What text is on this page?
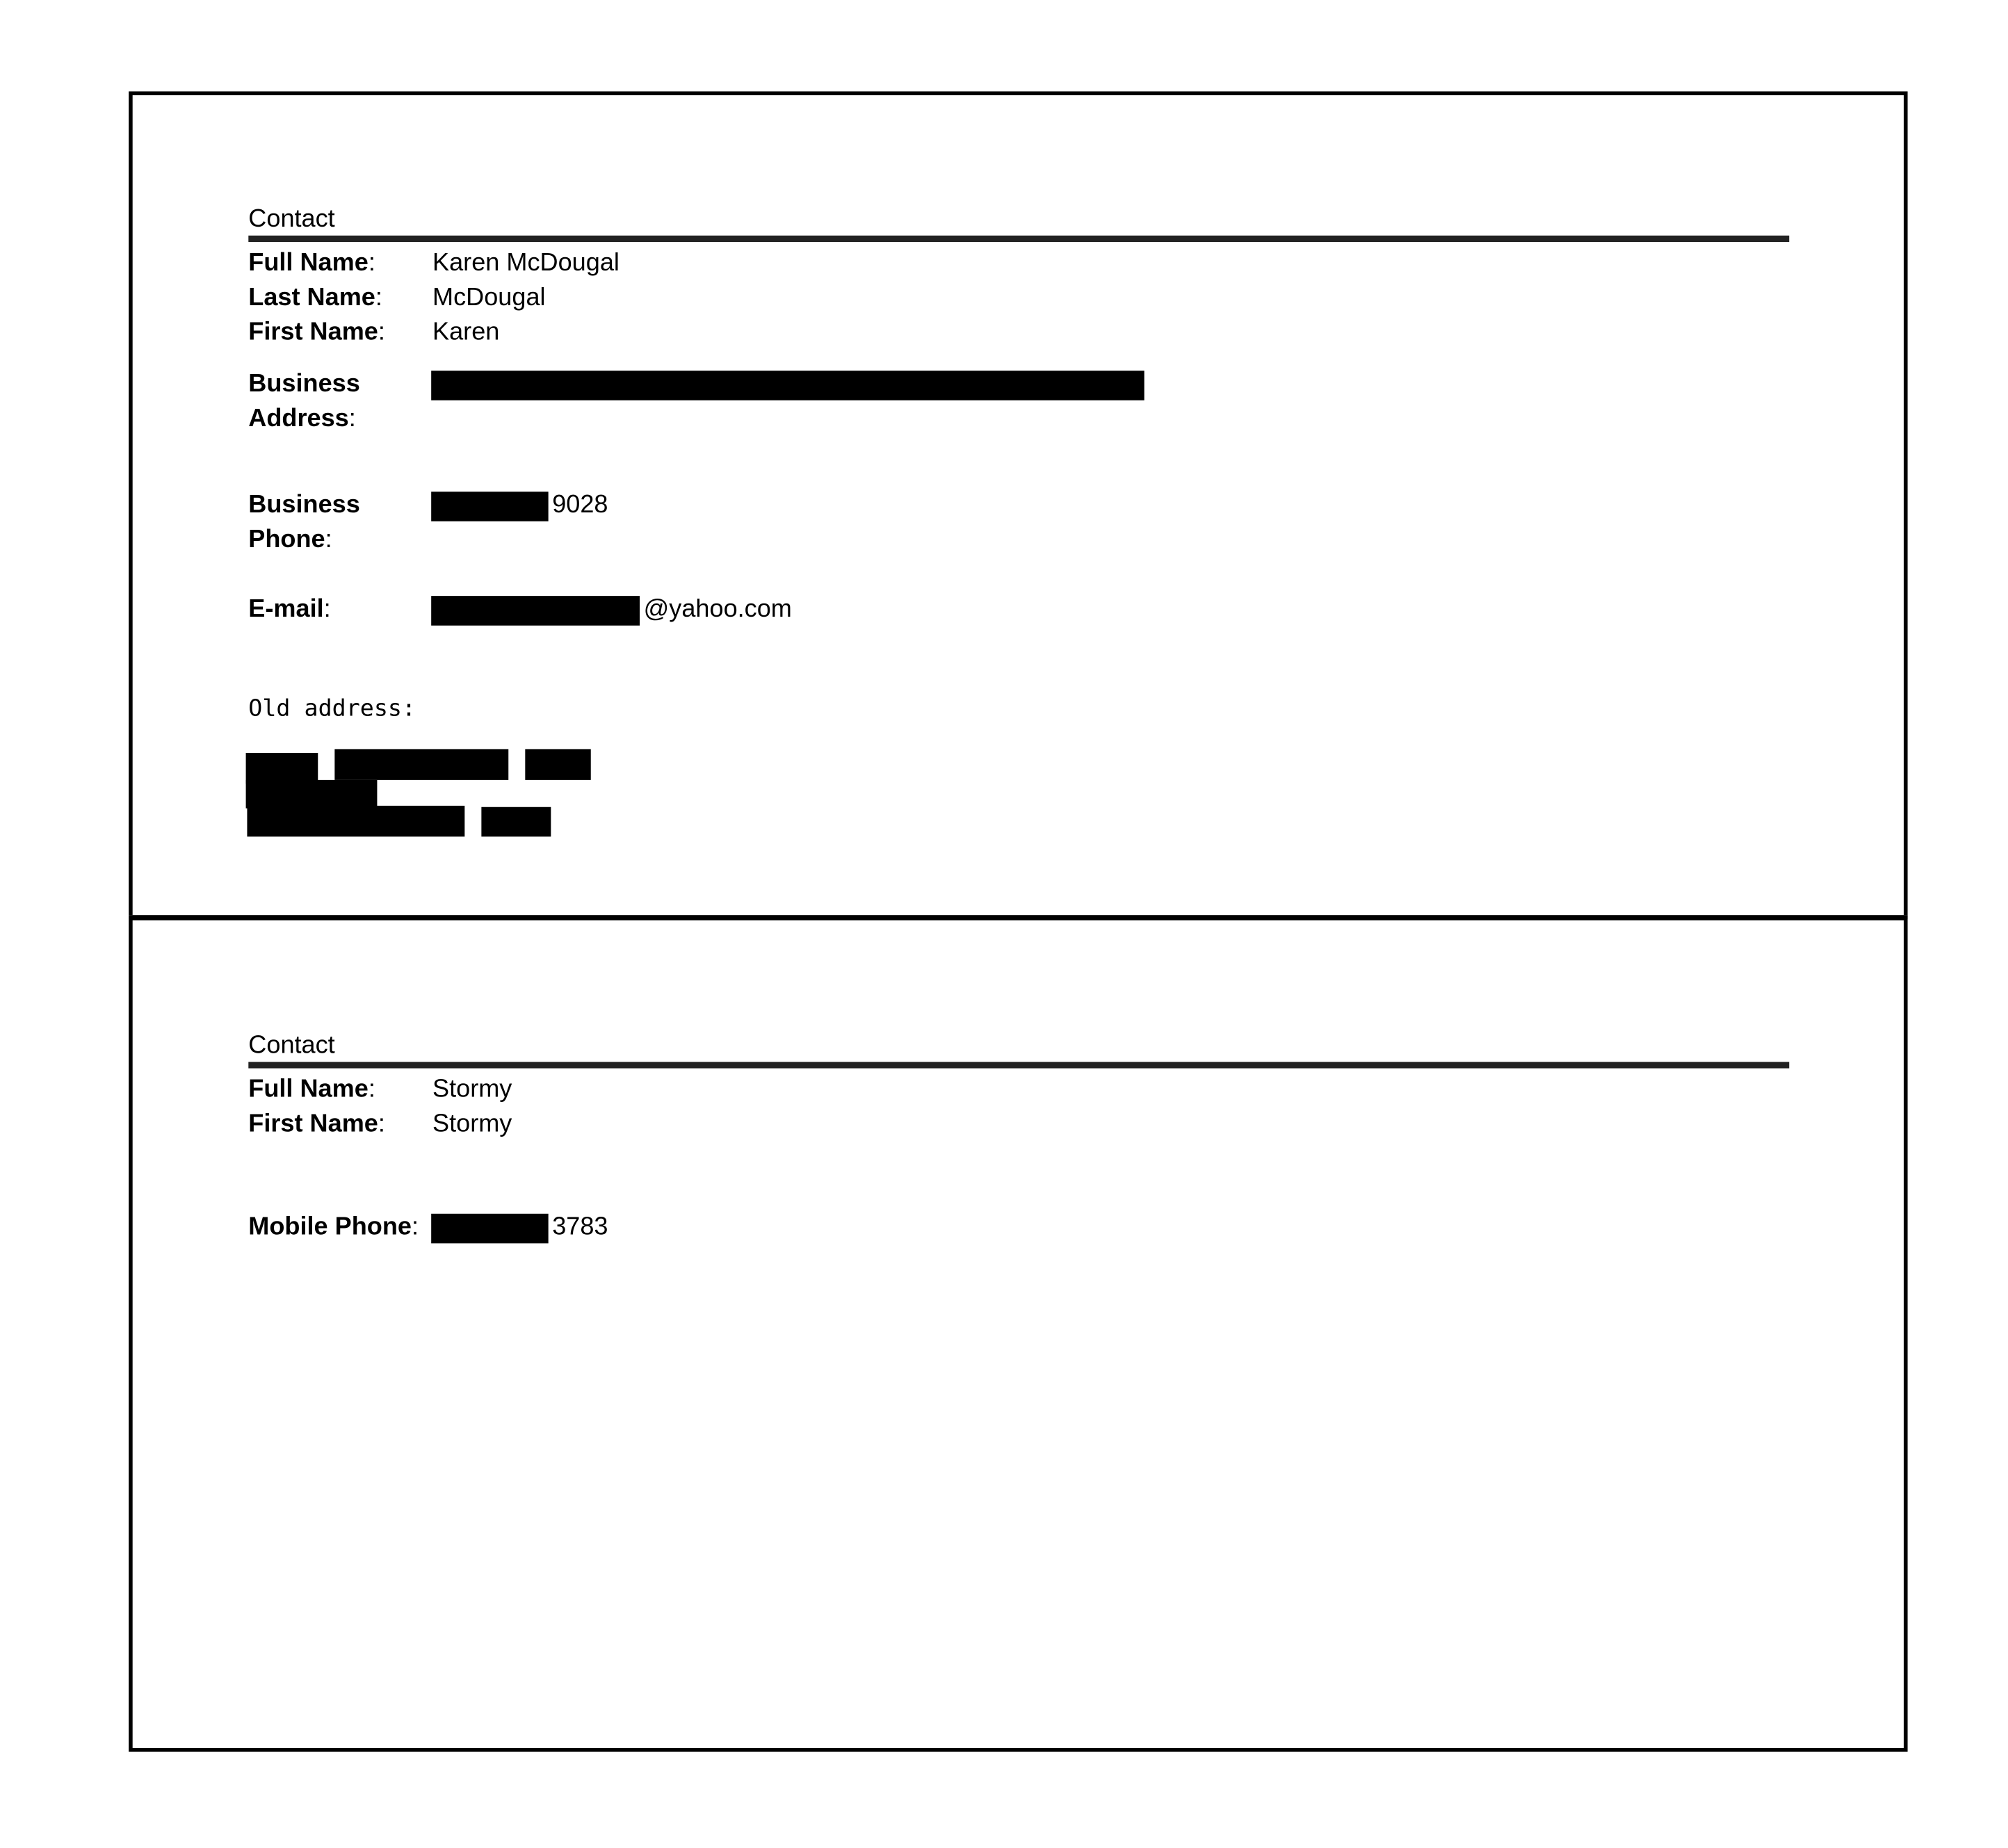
Contact
Full Name:	Karen McDougal
Last Name:	McDougal
First Name:	Karen
Business
Address:
Business
Phone:
9028
E-mail:	@yahoo.com
Old address:
Contact
Full Name:	Stormy
First Name:	Stormy
Mobile Phone:	3783
